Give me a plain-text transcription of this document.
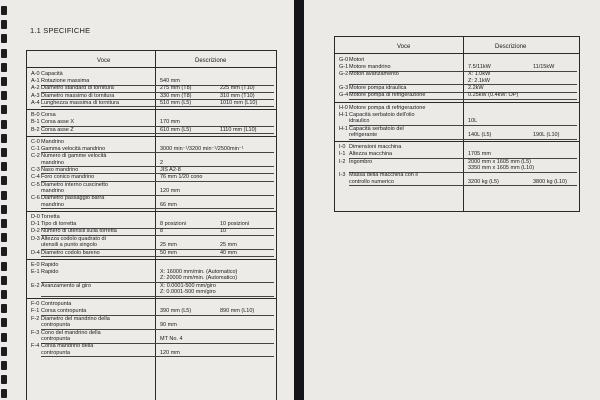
1.1 SPECIFICHE
Voce	Descrizione
A-0 Capacità
A-1 Rotazione massima	540 mm
A-2 Diametro standard di tornitura	275 mm (T8)	225 mm (T10)
A-3 Diametro massimo di tornitura	330 mm (T8)	310 mm (T10)
A-4 Lunghezza massima di tornitura	510 mm (L5)	1010 mm (L10)
B-0 Corsa
B-1 Corsa asse X	170 mm
B-2 Corsa asse Z	610 mm (L5)	1110 mm (L10)
C-0 Mandrino
C-1 Gamma velocità mandrino	3000 min⁻¹/3200 min⁻¹/2500min⁻¹
C-2 Numero di gamme velocità
mandrino	2
C-3 Naso mandrino	JIS A2-8
C-4 Foro conico mandrino	76 mm 1/20 cono
C-5 Diametro interno cuscinetto
mandrino	120 mm
C-6 Diametro passaggio barra
mandrino	66 mm
D-0 Torretta
D-1 Tipo di torretta	8 posizioni	10 posizioni
D-2 Numero di utensili sulla torretta	8	10
D-3 Altezza codolo quadrato di
utensili a punto singolo	25 mm	25 mm
D-4 Diametro codolo bareno	50 mm	40 mm
E-0 Rapido
E-1 Rapido	X: 16000 mm/min. (Automatico)
Z: 20000 mm/min. (Automatico)
E-2 Avanzamento al giro	X: 0.0001-500 mm/giro
Z: 0.0001-500 mm/giro
F-0 Contropunta
F-1 Corsa contropunta	390 mm (L5)	890 mm (L10)
F-2 Diametro del mandrino della
contropunta	90 mm
F-3 Cono del mandrino della
contropunta	MT No. 4
F-4 Corsa mandrino della
contropunta	120 mm
Voce	Descrizione
G-0 Motori
G-1 Motore mandrino	7.5/11kW	11/15kW
G-2 Motori avanzamento	X: 1.0kW
Z: 2.1kW
G-3 Motore pompa idraulica	2.2kW
G-4 Motore pompa di refrigerazione	0.25kW (0.4kW: OP)
H-0 Motore pompa di refrigerazione
H-1 Capacità serbatoio dell'olio
idraulico	10L
H-1 Capacità serbatoio del
refrigerante	140L (L5)	190L (L10)
I-0 Dimensioni macchina
I-1 Altezza macchina	1705 mm
I-2 Ingombro	2000 mm x 1605 mm (L5)
3350 mm x 1605 mm (L10)
I-3 Massa della macchina con il
controllo numerico	3200 kg (L5)	3800 kg (L10)
